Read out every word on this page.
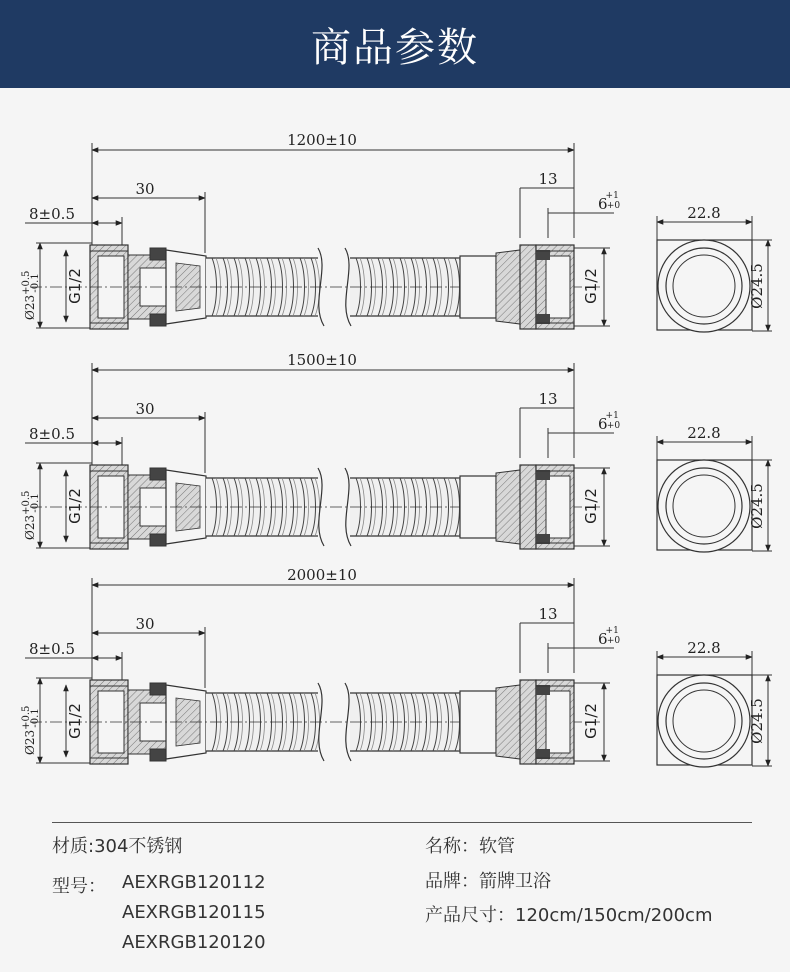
商品参数
1200±10
30
8±0.5
Ø23+0.5-0.1 G1/2
13
6+1 +0
G1/2
22.8
Ø24.5
1500±10
30
8±0.5
Ø23+0.5-0.1 G1/2
13
6+1 +0
G1/2
22.8
Ø24.5
2000±10
30
8±0.5
Ø23+0.5-0.1 G1/2
13
6+1 +0
G1/2
22.8
Ø24.5
材质:304不锈钢
型号： AEXRGB120112
AEXRGB120115
AEXRGB120120
名称：软管
品牌：箭牌卫浴
产品尺寸：120cm/150cm/200cm
